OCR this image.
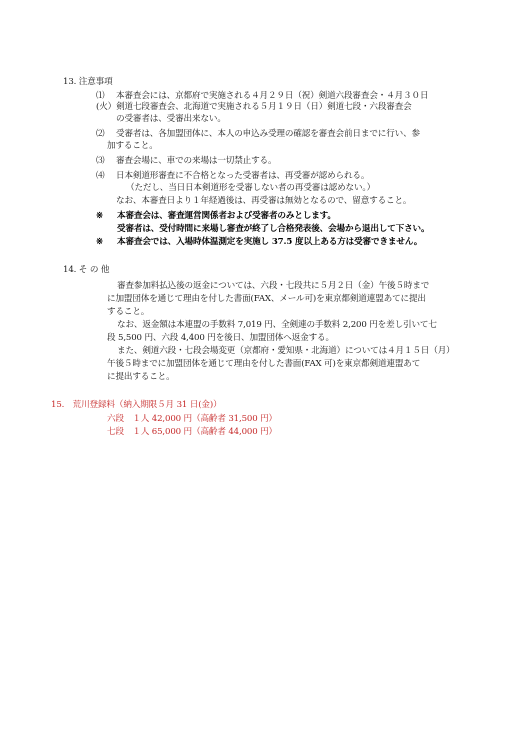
13. 注意事項
⑴ 本審査会には、京都府で実施される４月２９日（祝）剣道六段審査会・４月３０日
(火）剣道七段審査会、北海道で実施される５月１９日（日）剣道七段・六段審査会
の受審者は、受審出来ない。
⑵ 受審者は、各加盟団体に、本人の申込み受理の確認を審査会前日までに行い、参
加すること。
⑶ 審査会場に、車での来場は一切禁止する。
⑷ 日本剣道形審査に不合格となった受審者は、再受審が認められる。
（ただし、当日日本剣道形を受審しない者の再受審は認めない。）
なお、本審査日より１年経過後は、再受審は無効となるので、留意すること。
※ 本審査会は、審査運営関係者および受審者のみとします。
受審者は、受付時間に来場し審査が終了し合格発表後、会場から退出して下さい。
※ 本審査会では、入場時体温測定を実施し 37.5 度以上ある方は受審できません。
14. そ の 他
審査参加料払込後の返金については、六段・七段共に５月２日（金）午後５時まで
に加盟団体を通じて理由を付した書面(FAX、メール可)を東京都剣道連盟あてに提出
すること。
なお、返金額は本連盟の手数料 7,019 円、全剣連の手数料 2,200 円を差し引いて七
段 5,500 円、六段 4,400 円を後日、加盟団体へ返金する。
また、剣道六段・七段会場変更（京都府・愛知県・北海道）については４月１５日（月）
午後５時までに加盟団体を通じて理由を付した書面(FAX 可)を東京都剣道連盟あて
に提出すること。
15.　荒川登録料（納入期限５月 31 日(金)）
六段　１人 42,000 円（高齢者 31,500 円）
七段　１人 65,000 円（高齢者 44,000 円）
